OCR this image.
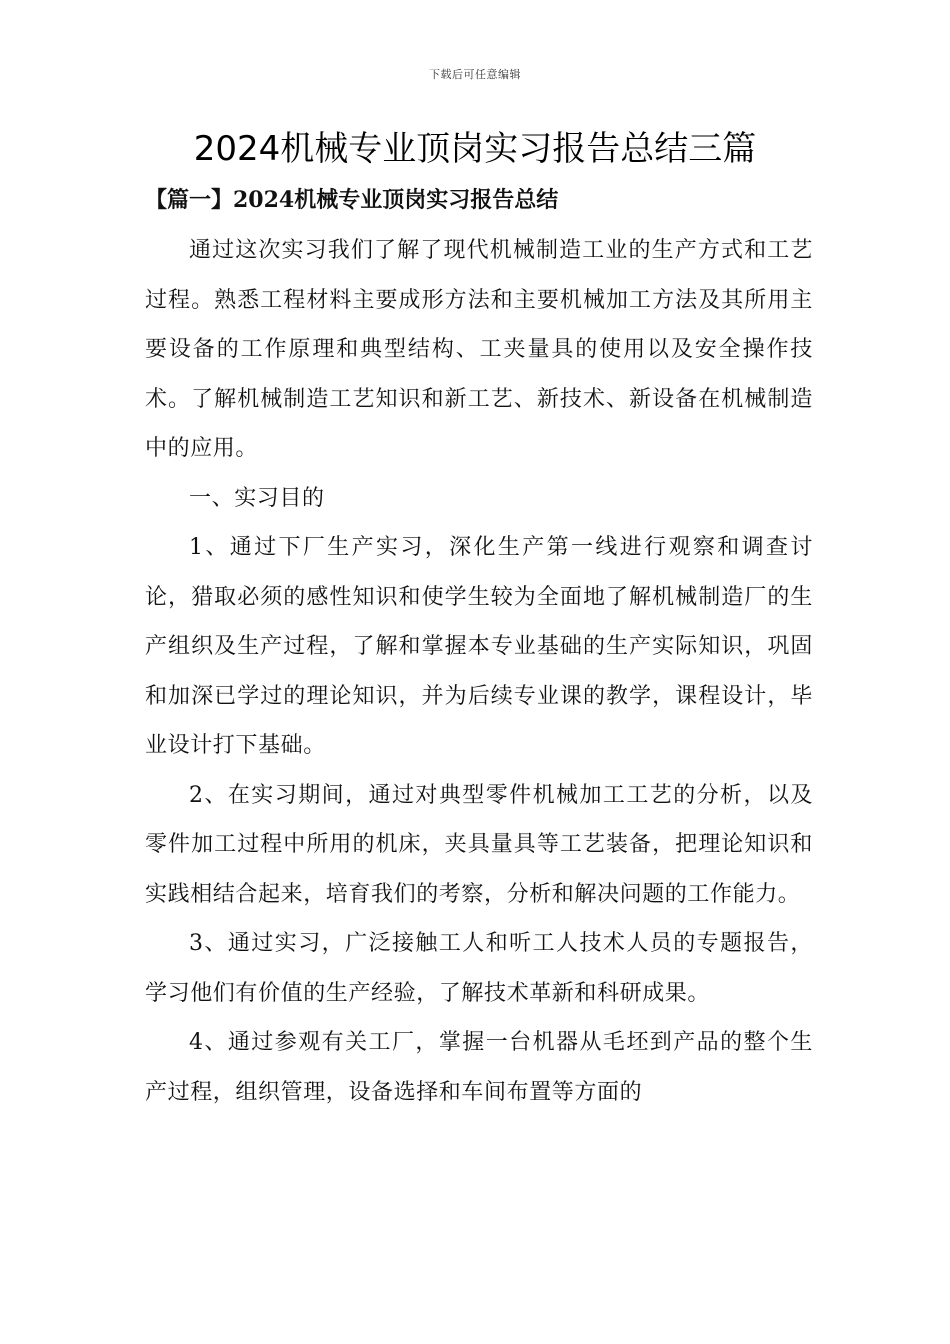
下载后可任意编辑
2024机械专业顶岗实习报告总结三篇
【篇一】2024机械专业顶岗实习报告总结

通过这次实习我们了解了现代机械制造工业的生产方式和工艺过程。熟悉工程材料主要成形方法和主要机械加工方法及其所用主要设备的工作原理和典型结构、工夹量具的使用以及安全操作技术。了解机械制造工艺知识和新工艺、新技术、新设备在机械制造中的应用。

一、实习目的

1、通过下厂生产实习，深化生产第一线进行观察和调查讨论，猎取必须的感性知识和使学生较为全面地了解机械制造厂的生产组织及生产过程，了解和掌握本专业基础的生产实际知识，巩固和加深已学过的理论知识，并为后续专业课的教学，课程设计，毕业设计打下基础。

2、在实习期间，通过对典型零件机械加工工艺的分析，以及零件加工过程中所用的机床，夹具量具等工艺装备，把理论知识和实践相结合起来，培育我们的考察，分析和解决问题的工作能力。

3、通过实习，广泛接触工人和听工人技术人员的专题报告，学习他们有价值的生产经验，了解技术革新和科研成果。

4、通过参观有关工厂，掌握一台机器从毛坯到产品的整个生产过程，组织管理，设备选择和车间布置等方面的
